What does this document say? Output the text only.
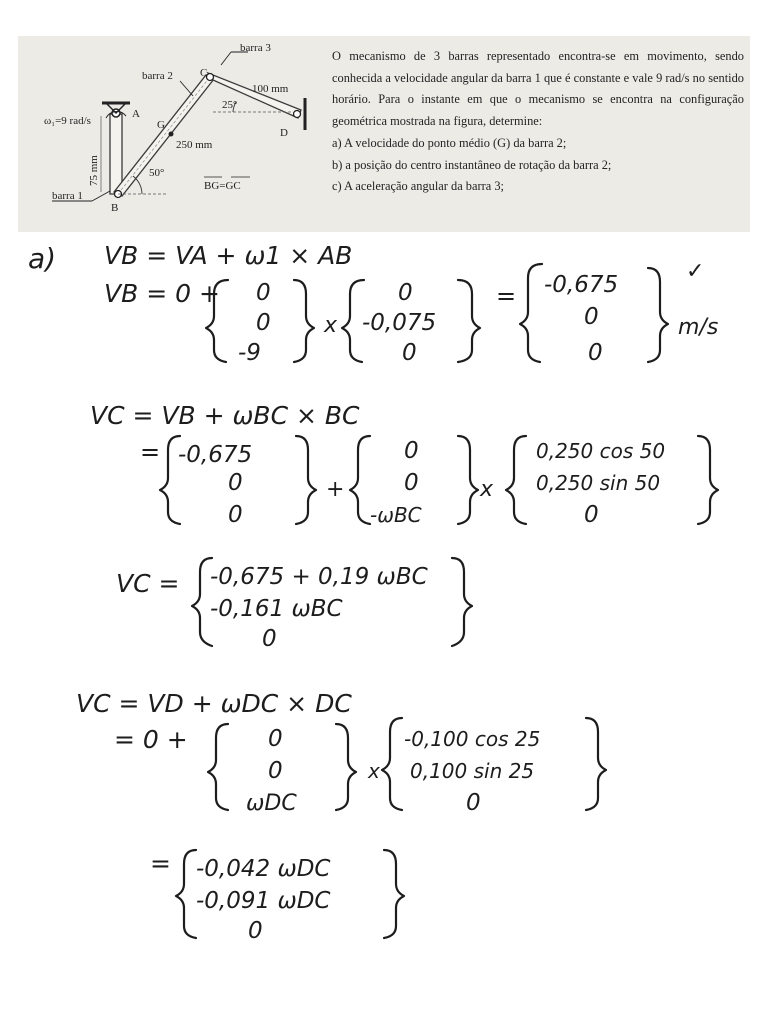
barra 3
barra 2
barra 1
A
B
C
D
G
ω₁=9 rad/s
100 mm
250 mm
75 mm
25°
50°
BG=GC

O mecanismo de 3 barras representado encontra-se em movimento, sendo conhecida a velocidade angular da barra 1 que é constante e vale 9 rad/s no sentido horário. Para o instante em que o mecanismo se encontra na configuração geométrica mostrada na figura, determine:

a) A velocidade do ponto médio (G) da barra 2;

b) a posição do centro instantâneo de rotação da barra 2;

c) A aceleração angular da barra 3;

a) VB = VA + ω1 × AB
VB = 0 + 0
0
-9
x
0
-0,075
0
= -0,675
0
0
✓
m/s
VC = VB + ωBC × BC
= -0,675
0
0
+
0
0
-ωBC
x
0,250 cos 50
0,250 sin 50
0
VC = -0,675 + 0,19 ωBC
-0,161 ωBC
0
VC = VD + ωDC × DC
= 0 +	0
0
ωDC
x
-0,100 cos 25
0,100 sin 25
0
= -0,042 ωDC
-0,091 ωDC
0
